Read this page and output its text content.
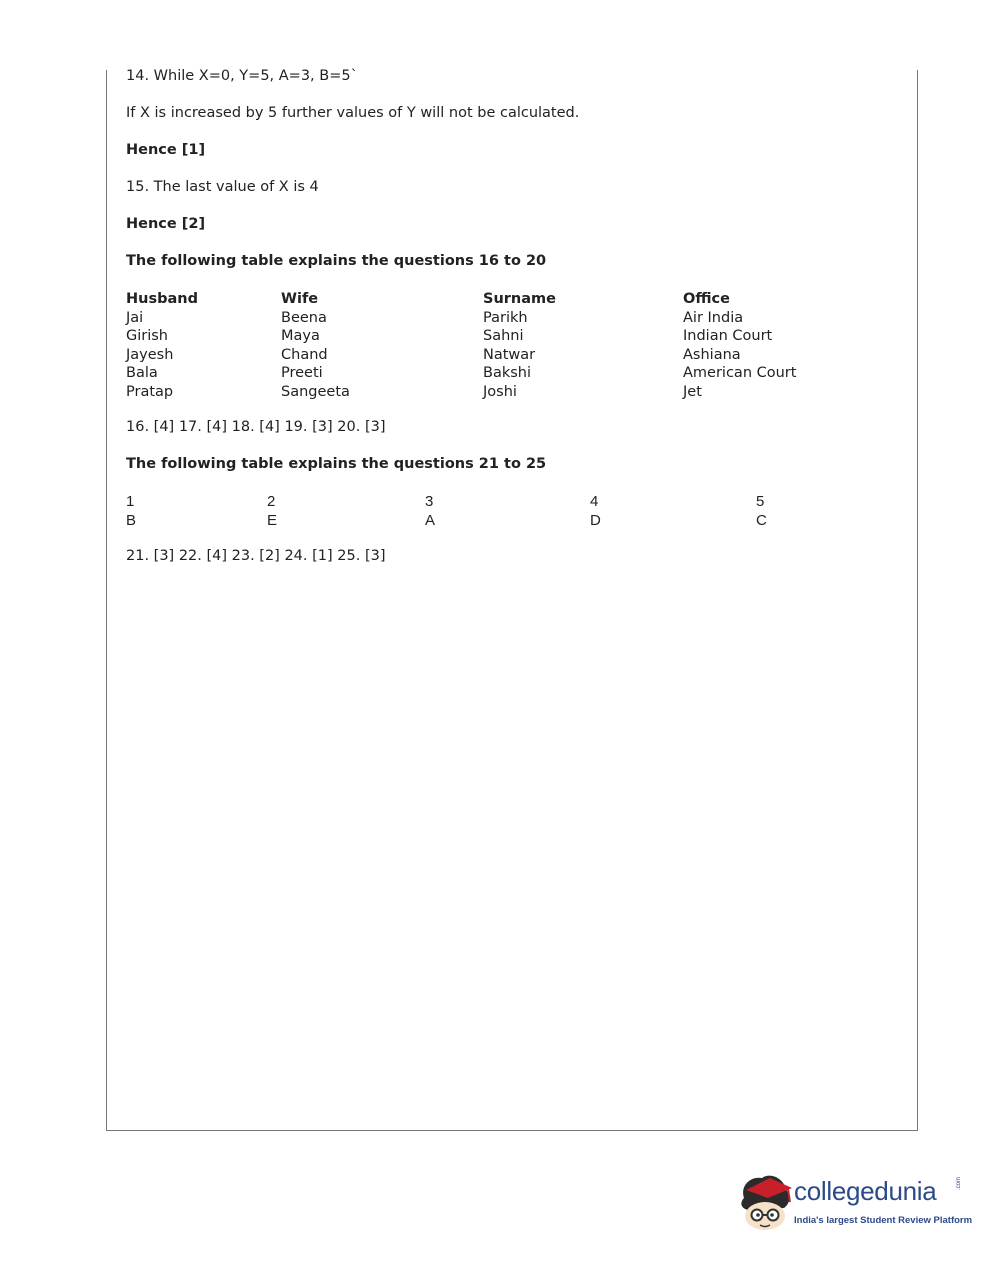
14. While X=0, Y=5, A=3, B=5`
If X is increased by 5 further values of Y will not be calculated.
Hence [1]
15. The last value of X is 4
Hence [2]
The following table explains the questions 16 to 20
Husband
Jai
Girish
Jayesh
Bala
Pratap
Wife
Beena
Maya
Chand
Preeti
Sangeeta
Surname
Parikh
Sahni
Natwar
Bakshi
Joshi
Office
Air India
Indian Court
Ashiana
American Court
Jet
16. [4] 17. [4] 18. [4] 19. [3] 20. [3]
The following table explains the questions 21 to 25
1
B
2
E
3
A
4
D
5
C
21. [3] 22. [4] 23. [2] 24. [1] 25. [3]
collegedunia
India's largest Student Review Platform
.com
